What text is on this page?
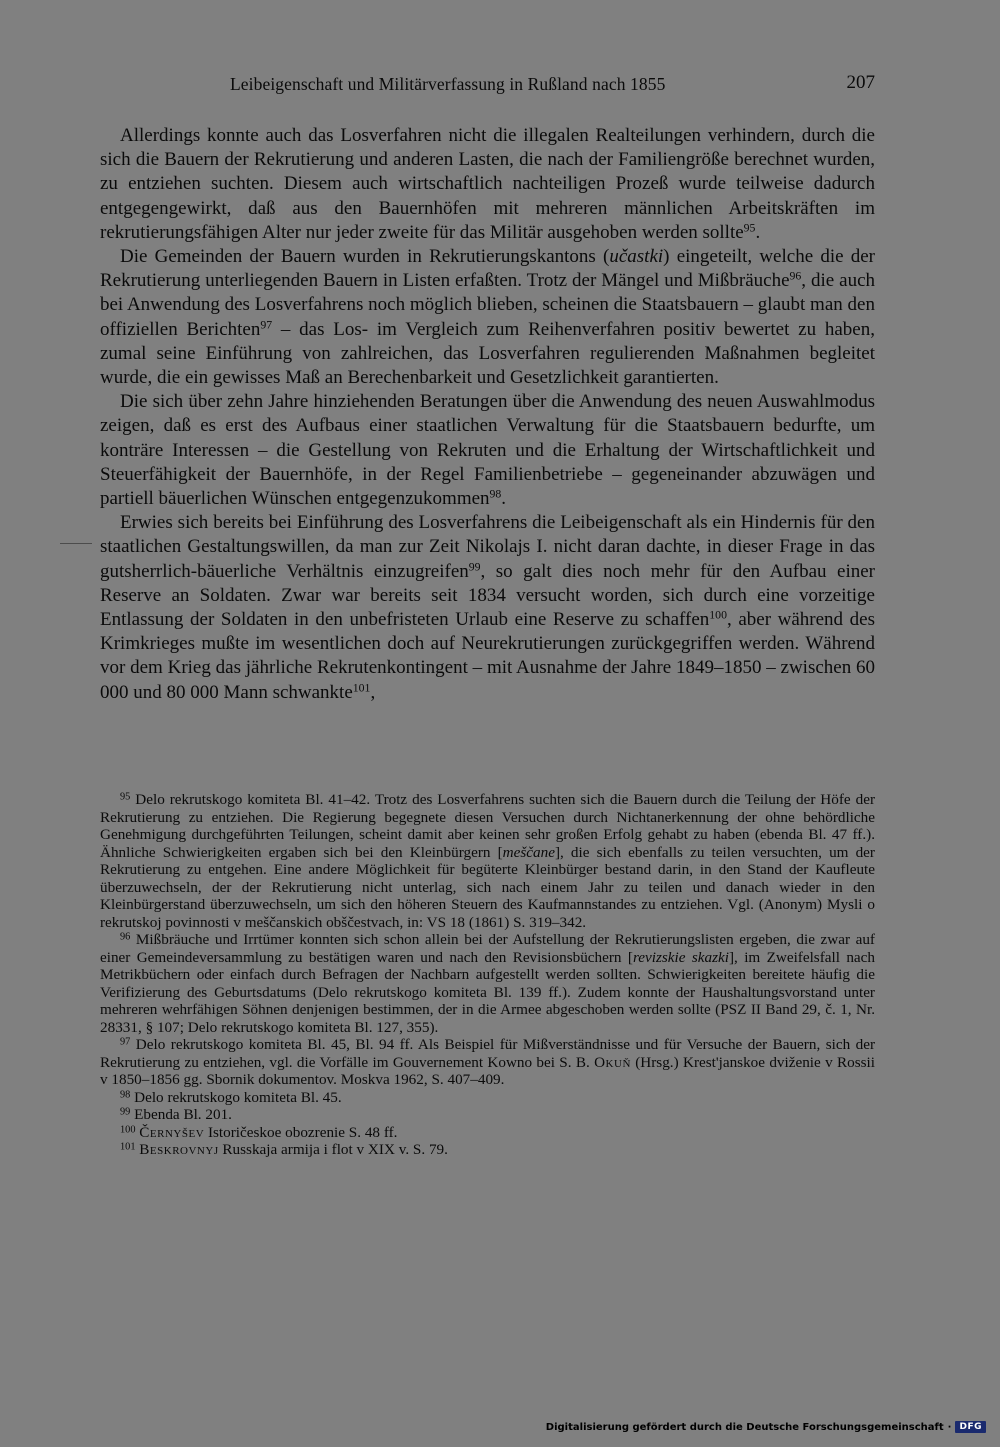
Leibeigenschaft und Militärverfassung in Rußland nach 1855	207

Allerdings konnte auch das Losverfahren nicht die illegalen Realteilungen verhindern, durch die sich die Bauern der Rekrutierung und anderen Lasten, die nach der Familiengröße berechnet wurden, zu entziehen suchten. Diesem auch wirtschaftlich nachteiligen Prozeß wurde teilweise dadurch entgegengewirkt, daß aus den Bauernhöfen mit mehreren männlichen Arbeitskräften im rekrutierungsfähigen Alter nur jeder zweite für das Militär ausgehoben werden sollte$^{95}$.

Die Gemeinden der Bauern wurden in Rekrutierungskantons (učastki) eingeteilt, welche die der Rekrutierung unterliegenden Bauern in Listen erfaßten. Trotz der Mängel und Mißbräuche$^{96}$, die auch bei Anwendung des Losverfahrens noch möglich blieben, scheinen die Staatsbauern – glaubt man den offiziellen Berichten$^{97}$ – das Los- im Vergleich zum Reihenverfahren positiv bewertet zu haben, zumal seine Einführung von zahlreichen, das Losverfahren regulierenden Maßnahmen begleitet wurde, die ein gewisses Maß an Berechenbarkeit und Gesetzlichkeit garantierten.

Die sich über zehn Jahre hinziehenden Beratungen über die Anwendung des neuen Auswahlmodus zeigen, daß es erst des Aufbaus einer staatlichen Verwaltung für die Staatsbauern bedurfte, um konträre Interessen – die Gestellung von Rekruten und die Erhaltung der Wirtschaftlichkeit und Steuerfähigkeit der Bauernhöfe, in der Regel Familienbetriebe – gegeneinander abzuwägen und partiell bäuerlichen Wünschen entgegenzukommen$^{98}$.

Erwies sich bereits bei Einführung des Losverfahrens die Leibeigenschaft als ein Hindernis für den staatlichen Gestaltungswillen, da man zur Zeit Nikolajs I. nicht daran dachte, in dieser Frage in das gutsherrlich-bäuerliche Verhältnis einzugreifen$^{99}$, so galt dies noch mehr für den Aufbau einer Reserve an Soldaten. Zwar war bereits seit 1834 versucht worden, sich durch eine vorzeitige Entlassung der Soldaten in den unbefristeten Urlaub eine Reserve zu schaffen$^{100}$, aber während des Krimkrieges mußte im wesentlichen doch auf Neurekrutierungen zurückgegriffen werden. Während vor dem Krieg das jährliche Rekrutenkontingent – mit Ausnahme der Jahre 1849–1850 – zwischen 60 000 und 80 000 Mann schwankte$^{101}$,

$^{95}$ Delo rekrutskogo komiteta Bl. 41–42. Trotz des Losverfahrens suchten sich die Bauern durch die Teilung der Höfe der Rekrutierung zu entziehen. Die Regierung begegnete diesen Versuchen durch Nichtanerkennung der ohne behördliche Genehmigung durchgeführten Teilungen, scheint damit aber keinen sehr großen Erfolg gehabt zu haben (ebenda Bl. 47 ff.). Ähnliche Schwierigkeiten ergaben sich bei den Kleinbürgern [meščane], die sich ebenfalls zu teilen versuchten, um der Rekrutierung zu entgehen. Eine andere Möglichkeit für begüterte Kleinbürger bestand darin, in den Stand der Kaufleute überzuwechseln, der der Rekrutierung nicht unterlag, sich nach einem Jahr zu teilen und danach wieder in den Kleinbürgerstand überzuwechseln, um sich den höheren Steuern des Kaufmannstandes zu entziehen. Vgl. (Anonym) Mysli o rekrutskoj povinnosti v meščanskich obščestvach, in: VS 18 (1861) S. 319–342.

$^{96}$ Mißbräuche und Irrtümer konnten sich schon allein bei der Aufstellung der Rekrutierungslisten ergeben, die zwar auf einer Gemeindeversammlung zu bestätigen waren und nach den Revisionsbüchern [revizskie skazki], im Zweifelsfall nach Metrikbüchern oder einfach durch Befragen der Nachbarn aufgestellt werden sollten. Schwierigkeiten bereitete häufig die Verifizierung des Geburtsdatums (Delo rekrutskogo komiteta Bl. 139 ff.). Zudem konnte der Haushaltungsvorstand unter mehreren wehrfähigen Söhnen denjenigen bestimmen, der in die Armee abgeschoben werden sollte (PSZ II Band 29, č. 1, Nr. 28331, § 107; Delo rekrutskogo komiteta Bl. 127, 355).

$^{97}$ Delo rekrutskogo komiteta Bl. 45, Bl. 94 ff. Als Beispiel für Mißverständnisse und für Versuche der Bauern, sich der Rekrutierung zu entziehen, vgl. die Vorfälle im Gouvernement Kowno bei S. B. Okuň (Hrsg.) Krest'janskoe dviženie v Rossii v 1850–1856 gg. Sbornik dokumentov. Moskva 1962, S. 407–409.

$^{98}$ Delo rekrutskogo komiteta Bl. 45.

$^{99}$ Ebenda Bl. 201.

$^{100}$ Černyšev Istoričeskoe obozrenie S. 48 ff.

$^{101}$ Beskrovnyj Russkaja armija i flot v XIX v. S. 79.

Digitalisierung gefördert durch die Deutsche Forschungsgemeinschaft · DFG
